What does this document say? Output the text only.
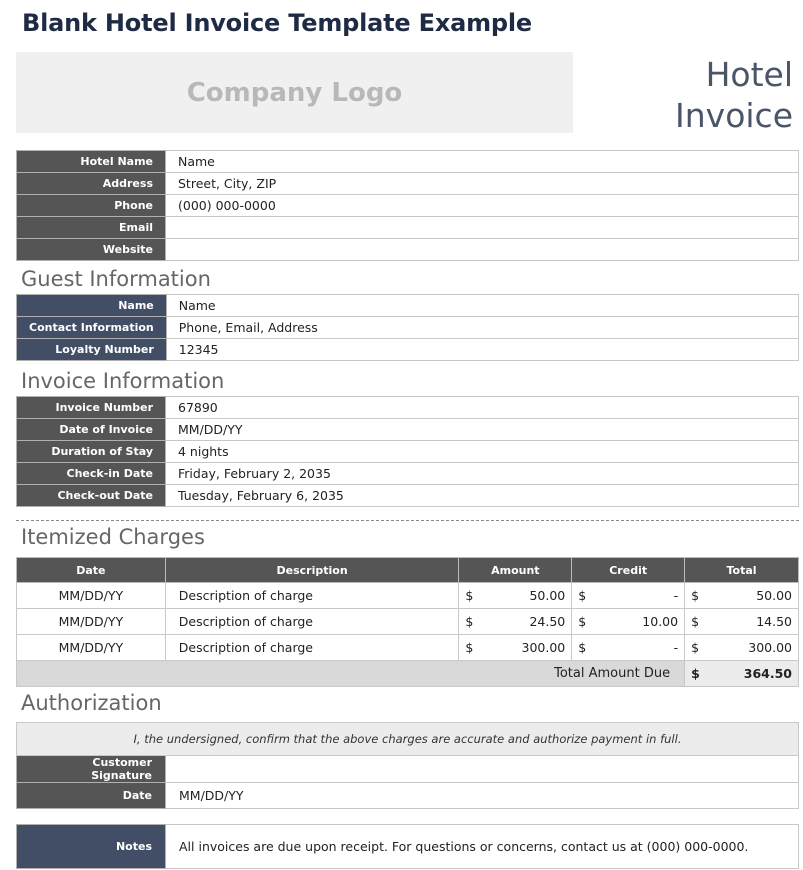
Blank Hotel Invoice Template Example
Company Logo	Hotel
Invoice
Hotel Name	Name
Address	Street, City, ZIP
Phone	(000) 000-0000
Email	
Website	
Guest Information
Name	Name
Contact Information	Phone, Email, Address
Loyalty Number	12345
Invoice Information
Invoice Number	67890
Date of Invoice	MM/DD/YY
Duration of Stay	4 nights
Check-in Date	Friday, February 2, 2035
Check-out Date	Tuesday, February 6, 2035
Itemized Charges
Date	Description	Amount	Credit	Total
MM/DD/YY	Description of charge	$ 50.00	$ -	$ 50.00

MM/DD/YY	Description of charge	$ 24.50	$ 10.00	$ 14.50

MM/DD/YY	Description of charge	$ 300.00	$ -	$ 300.00

Total Amount Due				$ 364.50
Authorization
I, the undersigned, confirm that the above charges are accurate and authorize payment in full.	
Customer Signature	
Date	MM/DD/YY
Notes	All invoices are due upon receipt. For questions or concerns, contact us at (000) 000-0000.
